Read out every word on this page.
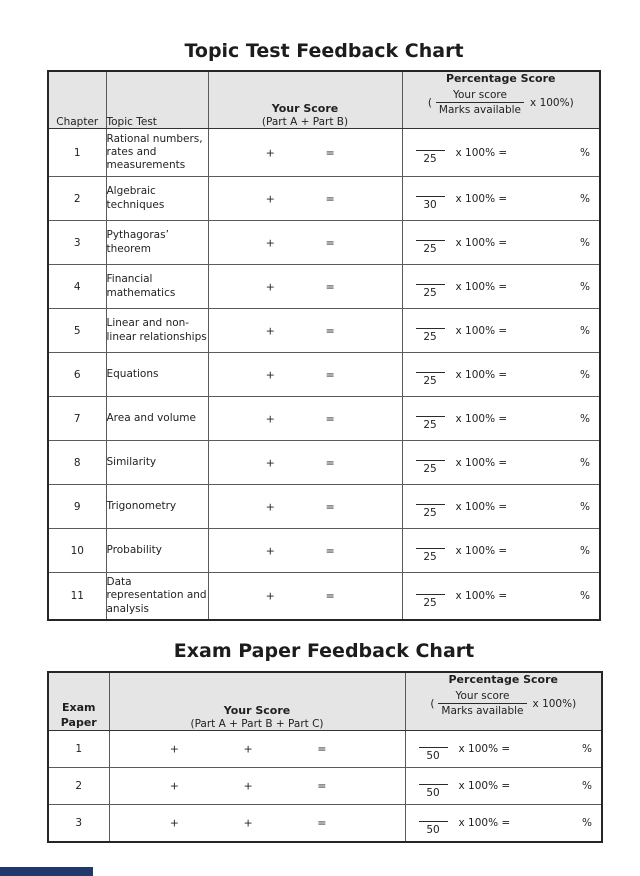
Topic Test Feedback Chart
Chapter	Topic Test	
Your Score
(Part A + Part B)

Percentage Score
( $\frac{\text{Your score}}{\text{Marks available}}$ x 100%)

1	Rational numbers, rates and measurements	+ =	25
x 100% = %

2	Algebraic techniques	+ =	30
x 100% = %

3	Pythagoras’ theorem	+ =	25
x 100% = %

4	Financial mathematics	+ =	25
x 100% = %

5	Linear and non-linear relationships	+ =	25
x 100% = %

6	Equations	+ =	25
x 100% = %

7	Area and volume	+ =	25
x 100% = %

8	Similarity	+ =	25
x 100% = %

9	Trigonometry	+ =	25
x 100% = %

10	Probability	+ =	25
x 100% = %

11	Data representation and analysis	+ =	25
x 100% = %
Exam Paper Feedback Chart
Exam
Paper

Your Score
(Part A + Part B + Part C)

Percentage Score
( $\frac{\text{Your score}}{\text{Marks available}}$ x 100%)

1	+ + =	50
x 100% = %

2	+ + =	50
x 100% = %

3	+ + =	50
x 100% = %
